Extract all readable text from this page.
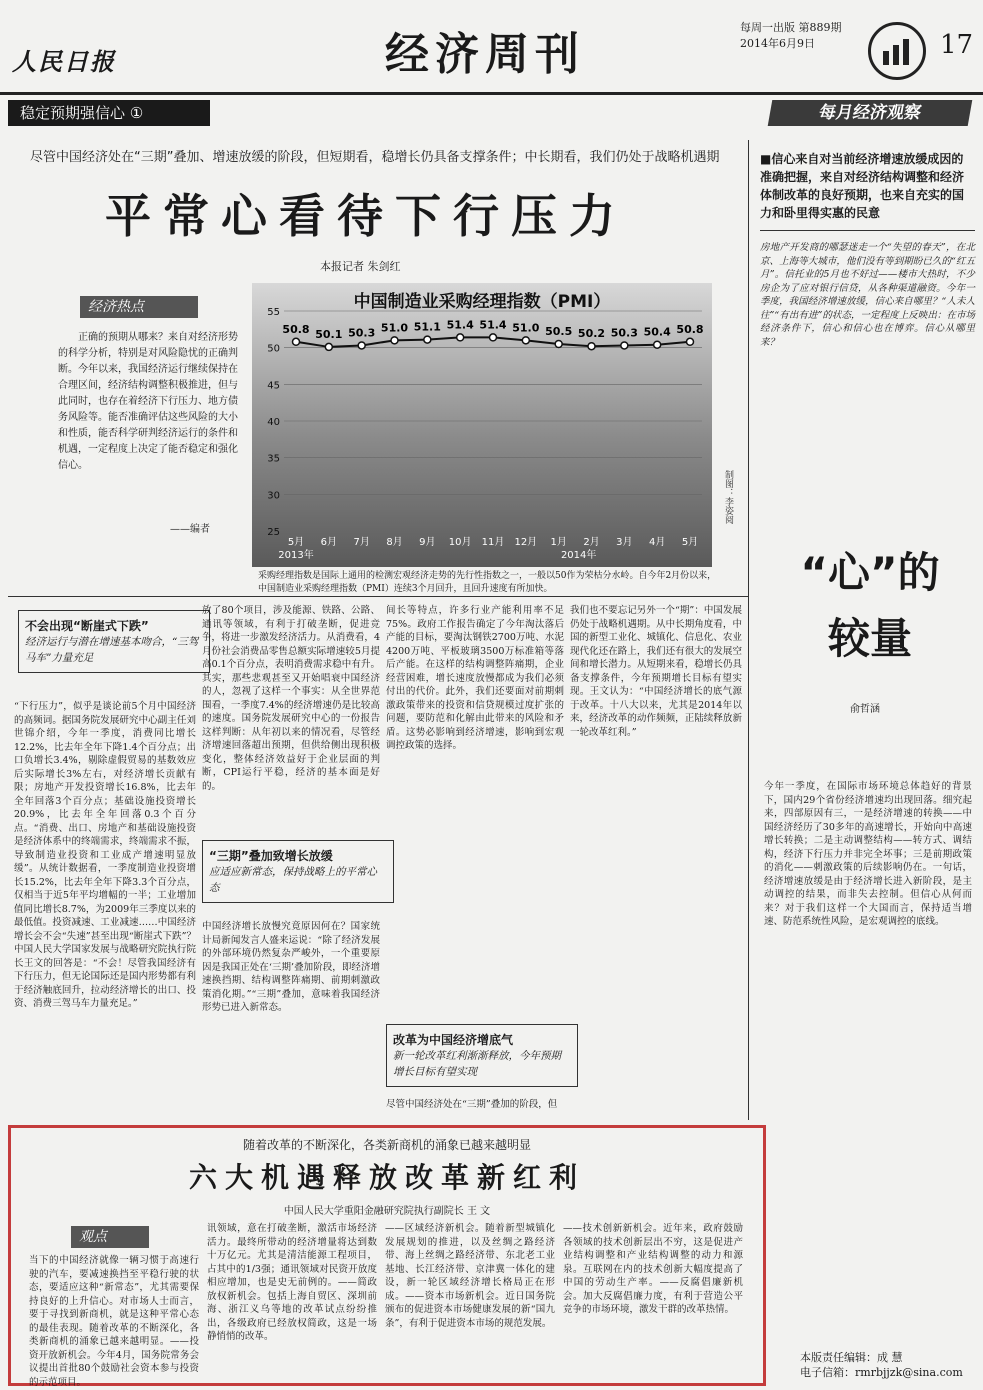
人民日报	经济周刊
每周一出版 第889期
2014年6月9日	17
稳定预期强信心 ①	每月经济观察
尽管中国经济处在“三期”叠加、增速放缓的阶段，但短期看，稳增长仍具备支撑条件；中长期看，我们仍处于战略机遇期
平常心看待下行压力
本报记者 朱剑红
经济热点
正确的预期从哪来？来自对经济形势的科学分析，特别是对风险隐忧的正确判断。今年以来，我国经济运行继续保持在合理区间，经济结构调整积极推进，但与此同时，也存在着经济下行压力、地方债务风险等。能否准确评估这些风险的大小和性质，能否科学研判经济运行的条件和机遇，一定程度上决定了能否稳定和强化信心。
——编者
中国制造业采购经理指数（PMI）
25
30
35
40
45
50
55
50.8 50.1 50.3 51.0 51.1 51.4 51.4 51.0 50.5 50.2 50.3 50.4 50.8
5月 6月 7月 8月 9月 10月 11月 12月 1月 2月 3月 4月 5月
2013年	2014年
制图：李姿阅
采购经理指数是国际上通用的检测宏观经济走势的先行性指数之一，一般以50作为荣枯分水岭。自今年2月份以来，中国制造业采购经理指数（PMI）连续3个月回升，且回升速度有所加快。
不会出现“断崖式下跌”
经济运行与潜在增速基本吻合，“三驾马车”力量充足
“下行压力”，似乎是谈论前5个月中国经济的高频词。据国务院发展研究中心副主任刘世锦介绍，今年一季度，消费同比增长12.2%，比去年全年下降1.4个百分点；出口负增长3.4%，剔除虚假贸易的基数效应后实际增长3%左右，对经济增长贡献有限；房地产开发投资增长16.8%，比去年全年回落3个百分点；基础设施投资增长20.9%，比去年全年回落0.3个百分点。“消费、出口、房地产和基础设施投资是经济体系中的终端需求，终端需求不振，导致制造业投资和工业成产增速明显放缓”。从统计数据看，一季度制造业投资增长15.2%，比去年全年下降3.3个百分点，仅相当于近5年平均增幅的一半；工业增加值同比增长8.7%，为2009年三季度以来的最低值。投资减速、工业减速……中国经济增长会不会“失速”甚至出现“断崖式下跌”？中国人民大学国家发展与战略研究院执行院长王文的回答是：“不会！尽管我国经济有下行压力，但无论国际还是国内形势都有利于经济触底回升，拉动经济增长的出口、投资、消费三驾马车力量充足。”
放了80个项目，涉及能源、铁路、公路、通讯等领域，有利于打破垄断，促进竞争，将进一步激发经济活力。从消费看，4月份社会消费品零售总额实际增速较5月提高0.1个百分点，表明消费需求稳中有升。其实，那些悲观甚至又开始唱衰中国经济的人，忽视了这样一个事实：从全世界范围看，一季度7.4%的经济增速仍是比较高的速度。国务院发展研究中心的一份报告这样判断：从年初以来的情况看，尽管经济增速回落超出预期，但供给侧出现积极变化，整体经济效益好于企业层面的判断，CPI运行平稳，经济的基本面是好的。
“三期”叠加致增长放缓
应适应新常态，保持战略上的平常心态
中国经济增长放慢究竟原因何在？国家统计局新闻发言人盛来运说：“除了经济发展的外部环境仍然复杂严峻外，一个重要原因是我国正处在‘三期’叠加阶段，即经济增速换挡期、结构调整阵痛期、前期刺激政策消化期。”“三期”叠加，意味着我国经济形势已进入新常态。
间长等特点，许多行业产能利用率不足75%。政府工作报告确定了今年淘汰落后产能的目标，要淘汰钢铁2700万吨、水泥4200万吨、平板玻璃3500万标准箱等落后产能。在这样的结构调整阵痛期，企业经营困难，增长速度放慢都成为我们必须付出的代价。此外，我们还要面对前期刺激政策带来的投资和信贷规模过度扩张的问题，要防范和化解由此带来的风险和矛盾。这势必影响到经济增速，影响到宏观调控政策的选择。
改革为中国经济增底气
新一轮改革红利渐渐释放，今年预期增长目标有望实现
尽管中国经济处在“三期”叠加的阶段，但
我们也不要忘记另外一个“期”：中国发展仍处于战略机遇期。从中长期角度看，中国的新型工业化、城镇化、信息化、农业现代化还在路上，我们还有很大的发展空间和增长潜力。从短期来看，稳增长仍具备支撑条件，今年预期增长目标有望实现。王文认为：“中国经济增长的底气源于改革。十八大以来，尤其是2014年以来，经济改革的动作频频，正陆续释放新一轮改革红利。”
■信心来自对当前经济增速放缓成因的准确把握，来自对经济结构调整和经济体制改革的良好预期，也来自充实的国力和卧里得实惠的民意
房地产开发商的哪瑟迷走一个“失望的春天”，在北京、上海等大城市，他们没有等到期盼已久的“红五月”。信托业的5月也不好过——楼市大热时，不少房企为了应对银行信贷，从各种渠道融资。今年一季度，我国经济增速放缓，信心来自哪里？“人未人往”“有出有进”的状态，一定程度上反映出：在市场经济条件下，信心和信心也在博弈。信心从哪里来？
“心”的较量
俞哲涵
今年一季度，在国际市场环境总体趋好的背景下，国内29个省份经济增速均出现回落。细究起来，四部原因有三，一是经济增速的转换——中国经济经历了30多年的高速增长，开始向中高速增长转换；二是主动调整结构——转方式、调结构，经济下行压力并非完全坏事；三是前期政策的消化——刺激政策的后续影响仍在。一句话，经济增速放缓是由于经济增长进入新阶段，是主动调控的结果，而非失去控制。但信心从何而来？对于我们这样一个大国而言，保持适当增速、防范系统性风险，是宏观调控的底线。
随着改革的不断深化，各类新商机的涌象已越来越明显
六大机遇释放改革新红利
中国人民大学重阳金融研究院执行副院长 王 文
观点
当下的中国经济就像一辆习惯于高速行驶的汽车，要减速换挡至平稳行驶的状态，要适应这种“新常态”，尤其需要保持良好的上升信心。对市场人士而言，要于寻找到新商机，就是这种平常心态的最佳表现。随着改革的不断深化，各类新商机的涌象已越来越明显。——投资开放新机会。今年4月，国务院常务会议提出首批80个鼓励社会资本参与投资的示范项目。
讯领域，意在打破垄断，激活市场经济活力。最终所带动的经济增量将达到数十万亿元。尤其是清洁能源工程项目，占其中的1/3强；通讯领域对民资开放度相应增加，也是史无前例的。——简政放权新机会。包括上海自贸区、深圳前海、浙江义乌等地的改革试点纷纷推出，各级政府已经放权简政，这是一场静悄悄的改革。
——区域经济新机会。随着新型城镇化发展规划的推进，以及丝绸之路经济带、海上丝绸之路经济带、东北老工业基地、长江经济带、京津冀一体化的建设，新一轮区域经济增长格局正在形成。——资本市场新机会。近日国务院颁布的促进资本市场健康发展的新“国九条”，有利于促进资本市场的规范发展。
——技术创新新机会。近年来，政府鼓励各领域的技术创新层出不穷，这是促进产业结构调整和产业结构调整的动力和源泉。互联网在内的技术创新大幅度提高了中国的劳动生产率。——反腐倡廉新机会。加大反腐倡廉力度，有利于营造公平竞争的市场环境，激发干群的改革热情。
本版责任编辑：成 慧
电子信箱：rmrbjjzk@sina.com
